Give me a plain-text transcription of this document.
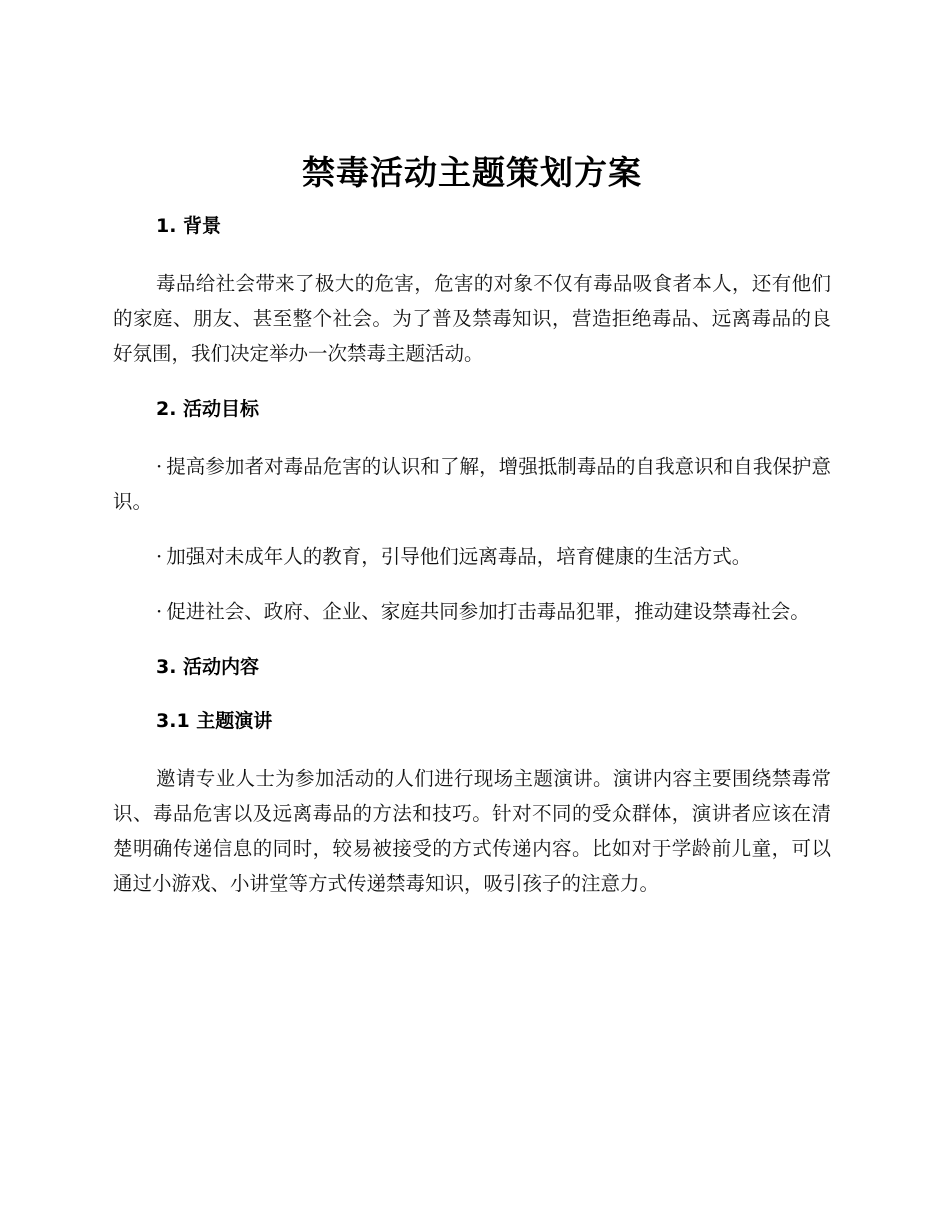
禁毒活动主题策划方案
1. 背景

毒品给社会带来了极大的危害，危害的对象不仅有毒品吸食者本人，还有他们的家庭、朋友、甚至整个社会。为了普及禁毒知识，营造拒绝毒品、远离毒品的良好氛围，我们决定举办一次禁毒主题活动。

2. 活动目标

· 提高参加者对毒品危害的认识和了解，增强抵制毒品的自我意识和自我保护意识。

· 加强对未成年人的教育，引导他们远离毒品，培育健康的生活方式。

· 促进社会、政府、企业、家庭共同参加打击毒品犯罪，推动建设禁毒社会。

3. 活动内容
3.1 主题演讲

邀请专业人士为参加活动的人们进行现场主题演讲。演讲内容主要围绕禁毒常识、毒品危害以及远离毒品的方法和技巧。针对不同的受众群体，演讲者应该在清楚明确传递信息的同时，较易被接受的方式传递内容。比如对于学龄前儿童，可以通过小游戏、小讲堂等方式传递禁毒知识，吸引孩子的注意力。
